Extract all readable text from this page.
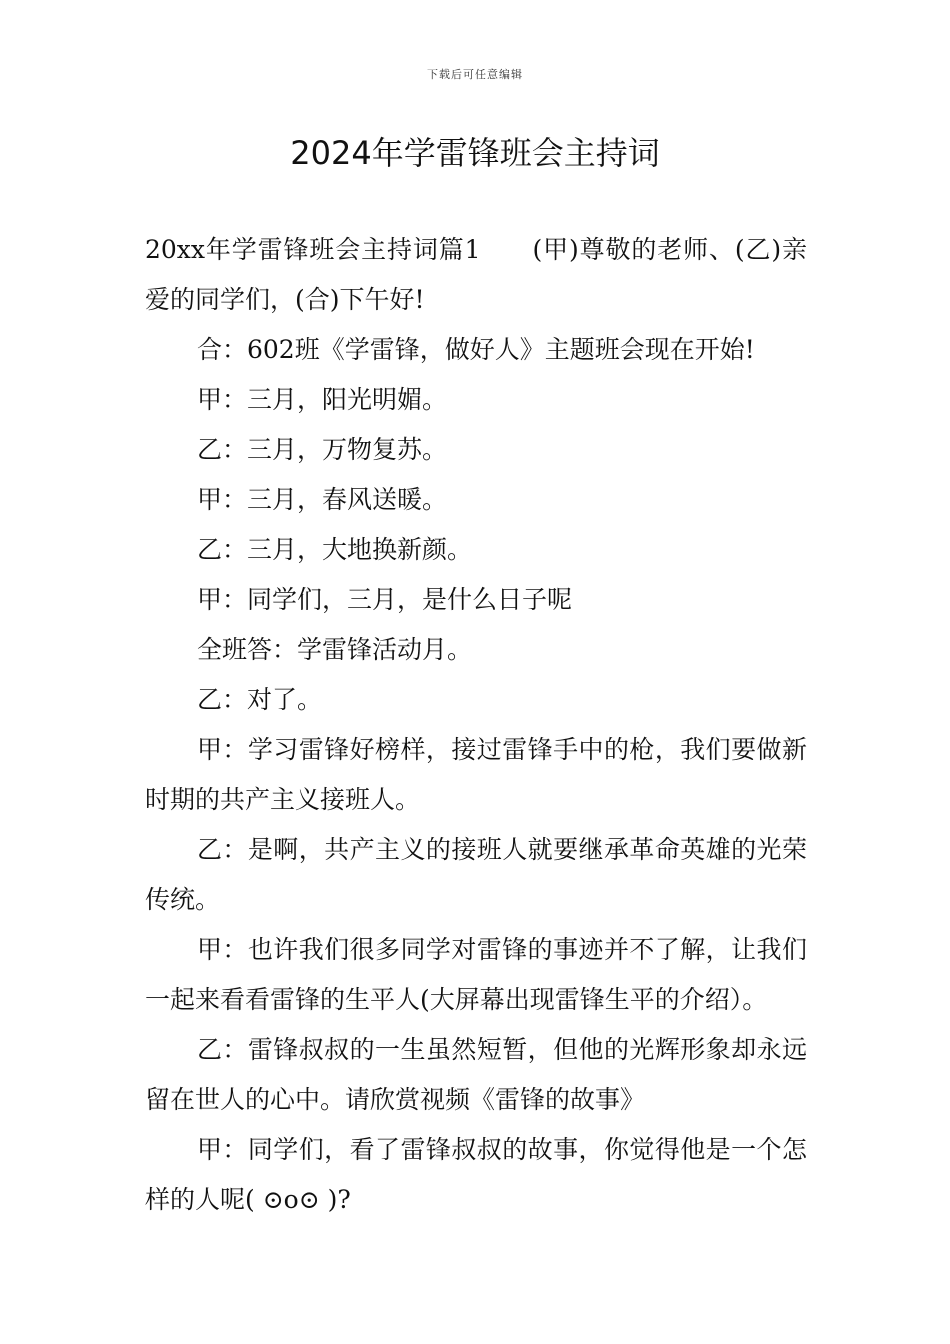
下载后可任意编辑
2024年学雷锋班会主持词

20xx年学雷锋班会主持词篇1 (甲)尊敬的老师、(乙)亲爱的同学们，(合)下午好!

合：602班《学雷锋，做好人》主题班会现在开始!

甲：三月，阳光明媚。

乙：三月，万物复苏。

甲：三月，春风送暖。

乙：三月，大地换新颜。

甲：同学们，三月，是什么日子呢

全班答：学雷锋活动月。

乙：对了。

甲：学习雷锋好榜样，接过雷锋手中的枪，我们要做新时期的共产主义接班人。

乙：是啊，共产主义的接班人就要继承革命英雄的光荣传统。

甲：也许我们很多同学对雷锋的事迹并不了解，让我们一起来看看雷锋的生平人(大屏幕出现雷锋生平的介绍）。

乙：雷锋叔叔的一生虽然短暂，但他的光辉形象却永远留在世人的心中。请欣赏视频《雷锋的故事》

甲：同学们，看了雷锋叔叔的故事，你觉得他是一个怎样的人呢( ⊙o⊙ )?
